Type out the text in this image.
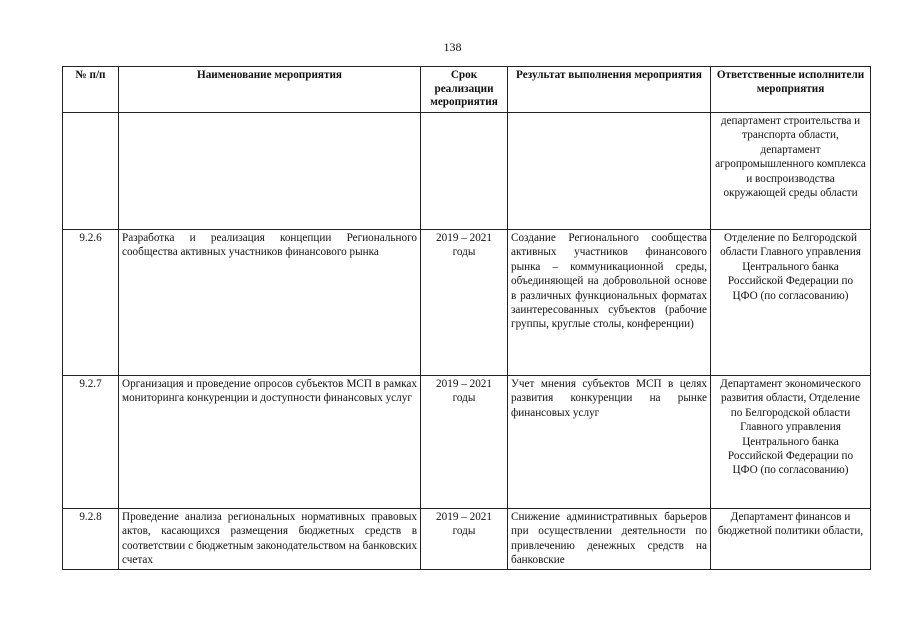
138
№ п/п	Наименование мероприятия	Срок реализации мероприятия	Результат выполнения мероприятия	Ответственные исполнители мероприятия
				департамент строительства и транспорта области, департамент агропромышленного комплекса и воспроизводства окружающей среды области
9.2.6	Разработка и реализация концепции Регионального сообщества активных участников финансового рынка	2019 – 2021 годы	Создание Регионального сообщества активных участников финансового рынка – коммуникационной среды, объединяющей на добровольной основе в различных функциональных форматах заинтересованных субъектов (рабочие группы, круглые столы, конференции)	Отделение по Белгородской области Главного управления Центрального банка Российской Федерации по ЦФО (по согласованию)
9.2.7	Организация и проведение опросов субъектов МСП в рамках мониторинга конкуренции и доступности финансовых услуг	2019 – 2021 годы	Учет мнения субъектов МСП в целях развития конкуренции на рынке финансовых услуг	Департамент экономического развития области, Отделение по Белгородской области Главного управления Центрального банка Российской Федерации по ЦФО (по согласованию)
9.2.8	Проведение анализа региональных нормативных правовых актов, касающихся размещения бюджетных средств в соответствии с бюджетным законодательством на банковских счетах	2019 – 2021 годы	Снижение административных барьеров при осуществлении деятельности по привлечению денежных средств на банковские	Департамент финансов и бюджетной политики области,
